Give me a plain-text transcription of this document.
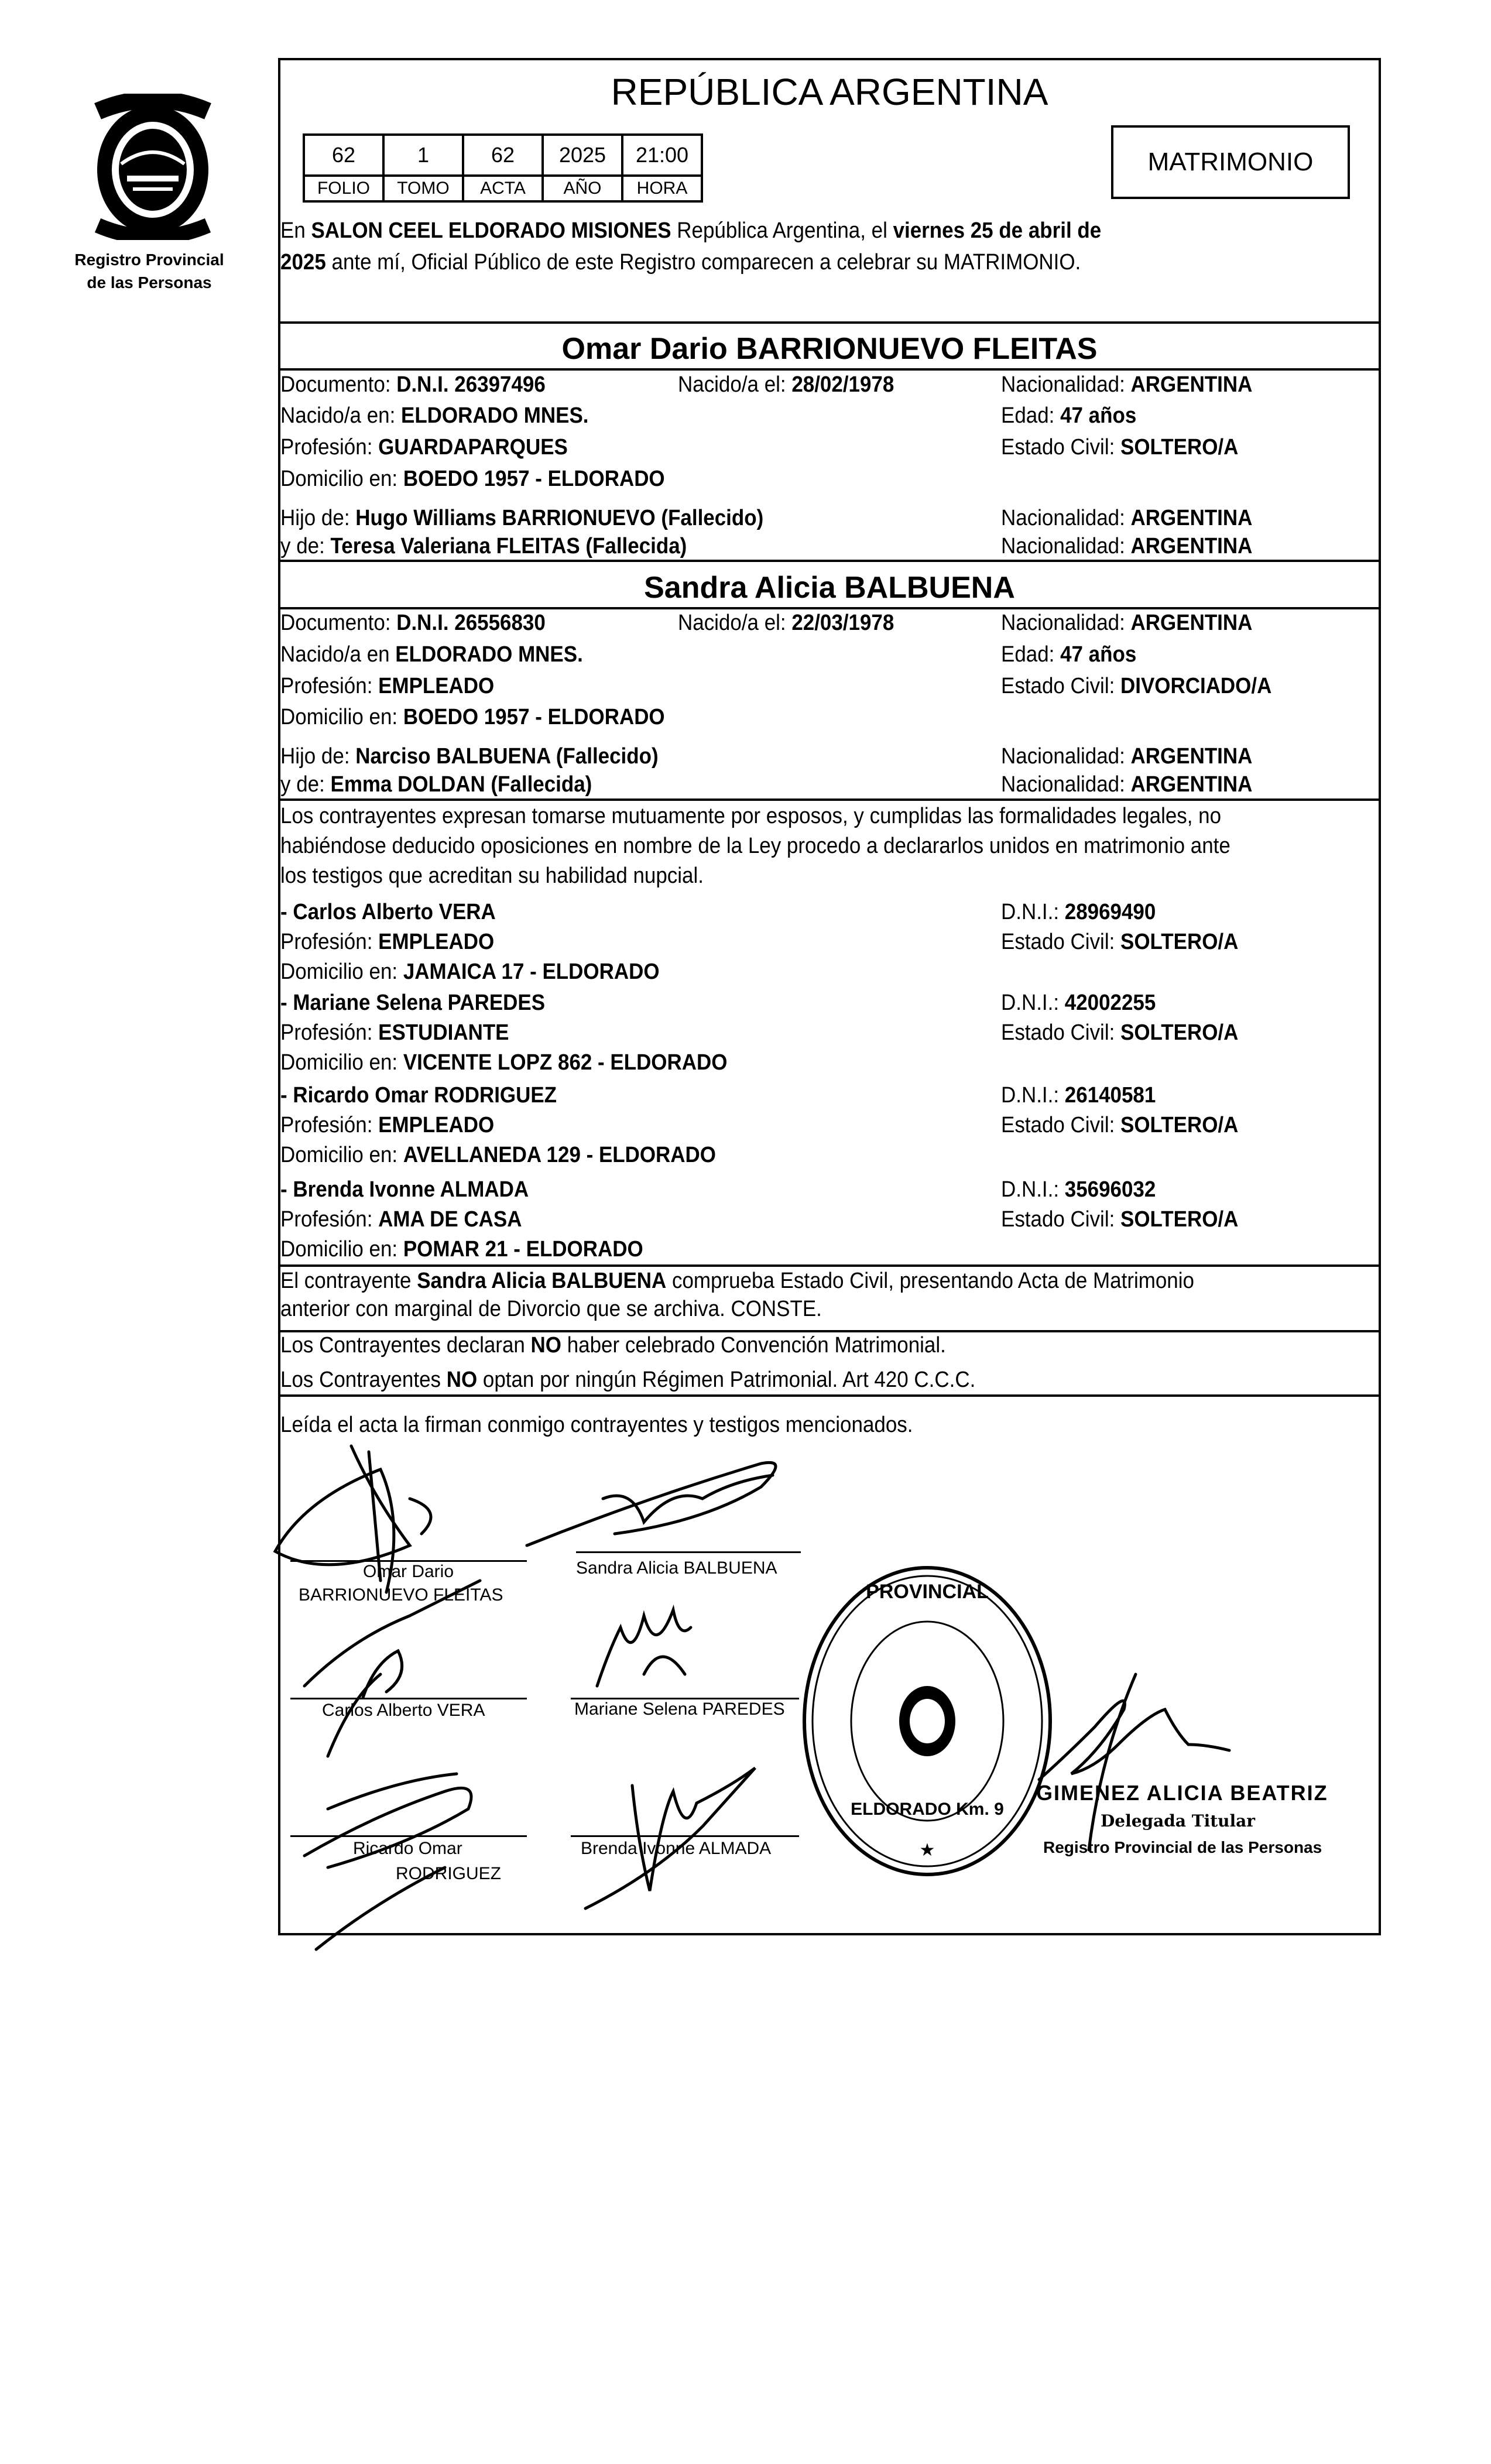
Registro Provincial
de las Personas
REPÚBLICA ARGENTINA
62	1	62	2025	21:00
FOLIO	TOMO	ACTA	AÑO	HORA
MATRIMONIO
En SALON CEEL ELDORADO MISIONES República Argentina, el viernes 25 de abril de
2025 ante mí, Oficial Público de este Registro comparecen a celebrar su MATRIMONIO.
Omar Dario BARRIONUEVO FLEITAS
Documento: D.N.I. 26397496	Nacido/a el: 28/02/1978	Nacionalidad: ARGENTINA
Nacido/a en: ELDORADO MNES.	Edad: 47 años
Profesión: GUARDAPARQUES	Estado Civil: SOLTERO/A
Domicilio en: BOEDO 1957 - ELDORADO
Hijo de: Hugo Williams BARRIONUEVO (Fallecido)	Nacionalidad: ARGENTINA
y de: Teresa Valeriana FLEITAS (Fallecida)	Nacionalidad: ARGENTINA
Sandra Alicia BALBUENA
Documento: D.N.I. 26556830	Nacido/a el: 22/03/1978	Nacionalidad: ARGENTINA
Nacido/a en ELDORADO MNES.	Edad: 47 años
Profesión: EMPLEADO	Estado Civil: DIVORCIADO/A
Domicilio en: BOEDO 1957 - ELDORADO
Hijo de: Narciso BALBUENA (Fallecido)	Nacionalidad: ARGENTINA
y de: Emma DOLDAN (Fallecida)	Nacionalidad: ARGENTINA
Los contrayentes expresan tomarse mutuamente por esposos, y cumplidas las formalidades legales, no
habiéndose deducido oposiciones en nombre de la Ley procedo a declararlos unidos en matrimonio ante
los testigos que acreditan su habilidad nupcial.
- Carlos Alberto VERA	D.N.I.: 28969490
Profesión: EMPLEADO	Estado Civil: SOLTERO/A
Domicilio en: JAMAICA 17 - ELDORADO
- Mariane Selena PAREDES	D.N.I.: 42002255
Profesión: ESTUDIANTE	Estado Civil: SOLTERO/A
Domicilio en: VICENTE LOPZ 862 - ELDORADO
- Ricardo Omar RODRIGUEZ	D.N.I.: 26140581
Profesión: EMPLEADO	Estado Civil: SOLTERO/A
Domicilio en: AVELLANEDA 129 - ELDORADO
- Brenda Ivonne ALMADA	D.N.I.: 35696032
Profesión: AMA DE CASA	Estado Civil: SOLTERO/A
Domicilio en: POMAR 21 - ELDORADO
El contrayente Sandra Alicia BALBUENA comprueba Estado Civil, presentando Acta de Matrimonio
anterior con marginal de Divorcio que se archiva. CONSTE.
Los Contrayentes declaran NO haber celebrado Convención Matrimonial.
Los Contrayentes NO optan por ningún Régimen Patrimonial. Art 420 C.C.C.
Leída el acta la firman conmigo contrayentes y testigos mencionados.
Omar Dario
BARRIONUEVO FLEITAS
Sandra Alicia BALBUENA
Carlos Alberto VERA	Mariane Selena PAREDES
Ricardo Omar
RODRIGUEZ
Brenda Ivonne ALMADA
PROVINCIAL
ELDORADO Km. 9
★
GIMENEZ ALICIA BEATRIZ
Delegada Titular
Registro Provincial de las Personas
